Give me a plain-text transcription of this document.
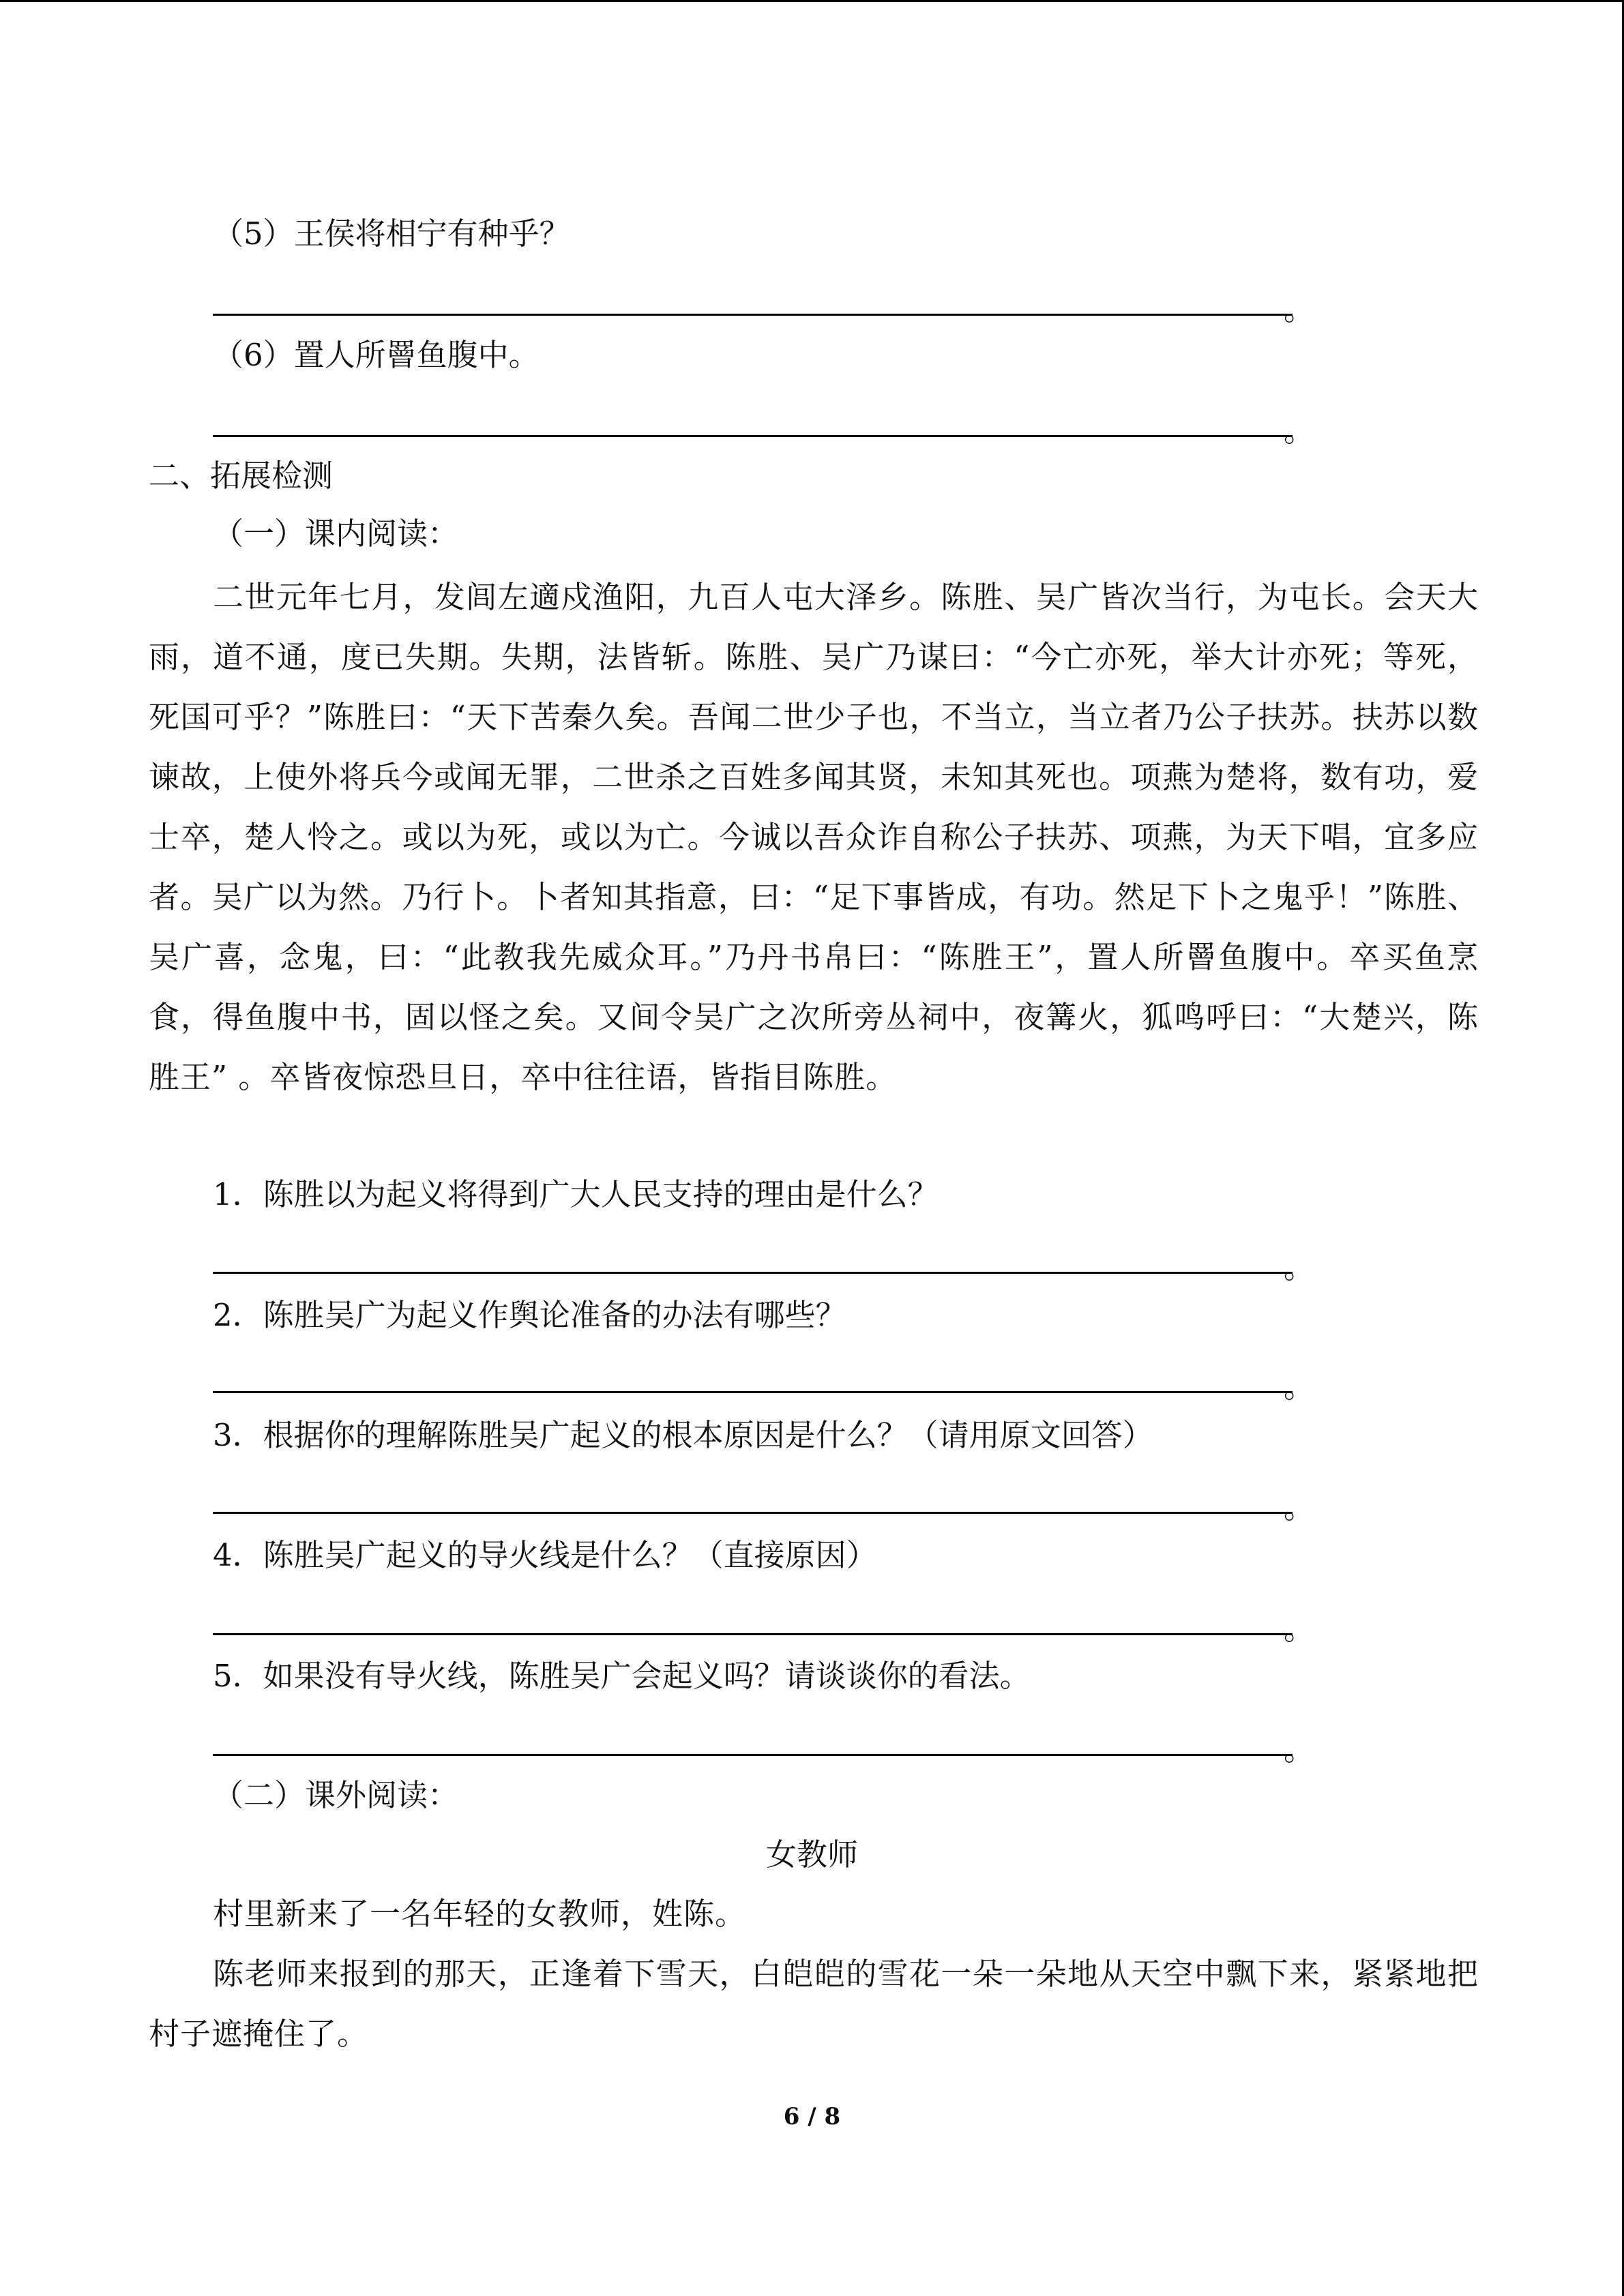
（5）王侯将相宁有种乎？
。
（6）置人所罾鱼腹中。
。
二、拓展检测
（一）课内阅读：

二世元年七月，发闾左適戍渔阳，九百人屯大泽乡。陈胜、吴广皆次当行，为屯长。会天大雨，道不通，度已失期。失期，法皆斩。陈胜、吴广乃谋曰：“今亡亦死，举大计亦死；等死，死国可乎？”陈胜曰：“天下苦秦久矣。吾闻二世少子也，不当立，当立者乃公子扶苏。扶苏以数谏故，上使外将兵今或闻无罪，二世杀之百姓多闻其贤，未知其死也。项燕为楚将，数有功，爱士卒，楚人怜之。或以为死，或以为亡。今诚以吾众诈自称公子扶苏、项燕，为天下唱，宜多应者。吴广以为然。乃行卜。卜者知其指意，曰：“足下事皆成，有功。然足下卜之鬼乎！”陈胜、吴广喜，念鬼，曰：“此教我先威众耳。”乃丹书帛曰：“陈胜王”，置人所罾鱼腹中。卒买鱼烹食，得鱼腹中书，固以怪之矣。又间令吴广之次所旁丛祠中，夜篝火，狐鸣呼曰：“大楚兴，陈胜王” 。卒皆夜惊恐旦日，卒中往往语，皆指目陈胜。

1．陈胜以为起义将得到广大人民支持的理由是什么？
。
2．陈胜吴广为起义作舆论准备的办法有哪些？
。
3．根据你的理解陈胜吴广起义的根本原因是什么？（请用原文回答）
。
4．陈胜吴广起义的导火线是什么？（直接原因）
。
5．如果没有导火线，陈胜吴广会起义吗？请谈谈你的看法。
。
（二）课外阅读：
女教师

村里新来了一名年轻的女教师，姓陈。

陈老师来报到的那天，正逢着下雪天，白皑皑的雪花一朵一朵地从天空中飘下来，紧紧地把村子遮掩住了。

6 / 8
